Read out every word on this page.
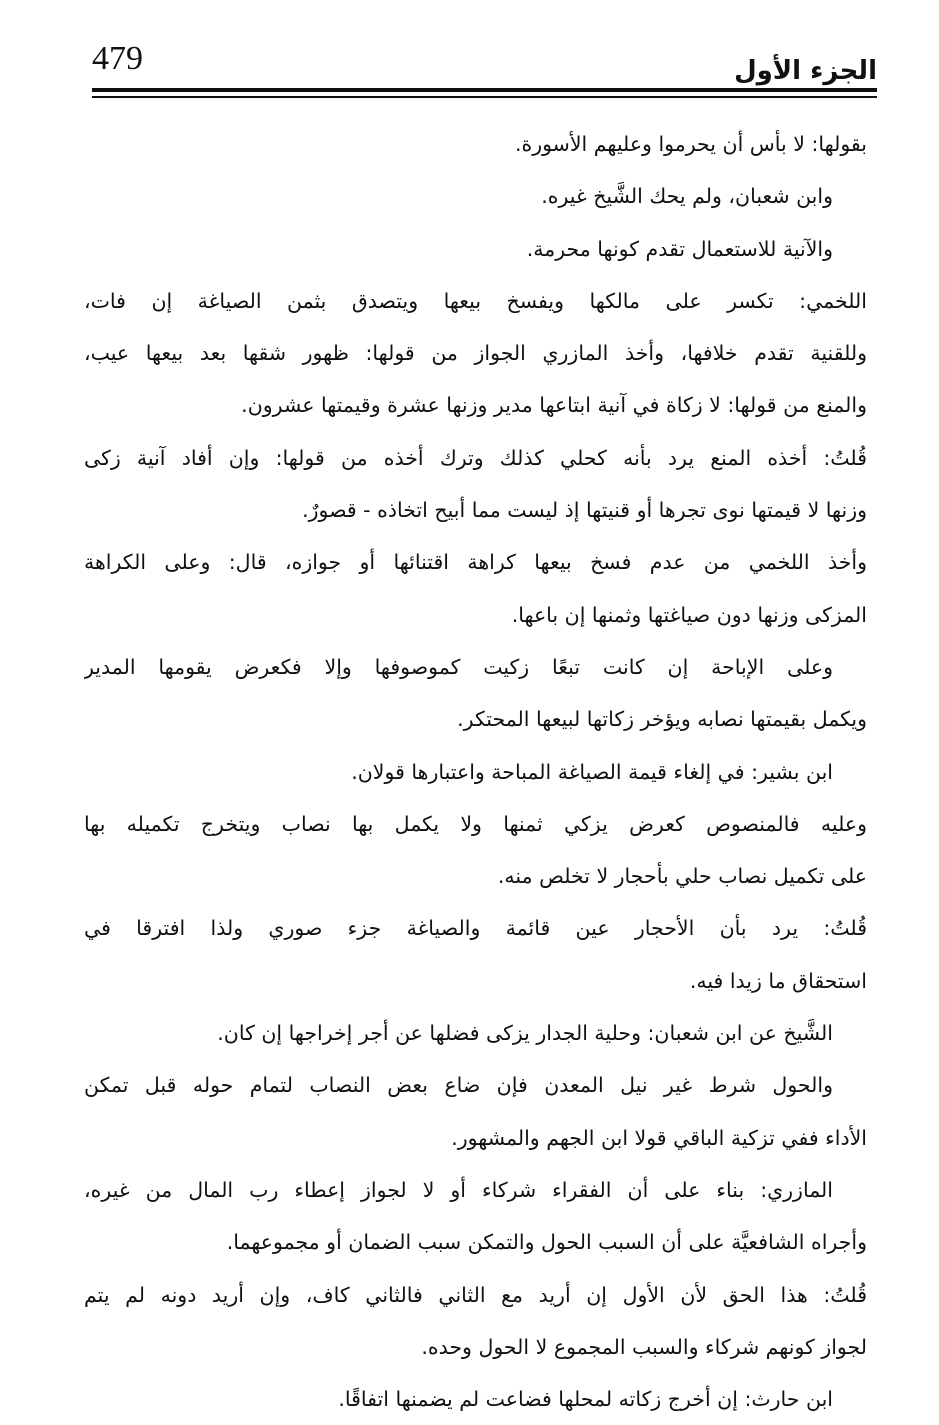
479	الجزء الأول
بقولها: لا بأس أن يحرموا وعليهم الأسورة.
وابن شعبان، ولم يحك الشَّيخ غيره.
والآنية للاستعمال تقدم كونها محرمة.
اللخمي: تكسر على مالكها ويفسخ بيعها ويتصدق بثمن الصياغة إن فات،
وللقنية تقدم خلافها، وأخذ المازري الجواز من قولها: ظهور شقها بعد بيعها عيب،
والمنع من قولها: لا زكاة في آنية ابتاعها مدير وزنها عشرة وقيمتها عشرون.
قُلتُ: أخذه المنع يرد بأنه كحلي كذلك وترك أخذه من قولها: وإن أفاد آنية زكى
وزنها لا قيمتها نوى تجرها أو قنيتها إذ ليست مما أبيح اتخاذه - قصورٌ.
وأخذ اللخمي من عدم فسخ بيعها كراهة اقتنائها أو جوازه، قال: وعلى الكراهة
المزكى وزنها دون صياغتها وثمنها إن باعها.
وعلى الإباحة إن كانت تبعًا زكيت كموصوفها وإلا فكعرض يقومها المدير
ويكمل بقيمتها نصابه ويؤخر زكاتها لبيعها المحتكر.
ابن بشير: في إلغاء قيمة الصياغة المباحة واعتبارها قولان.
وعليه فالمنصوص كعرض يزكي ثمنها ولا يكمل بها نصاب ويتخرج تكميله بها
على تكميل نصاب حلي بأحجار لا تخلص منه.
قُلتُ: يرد بأن الأحجار عين قائمة والصياغة جزء صوري ولذا افترقا في
استحقاق ما زيدا فيه.
الشَّيخ عن ابن شعبان: وحلية الجدار يزكى فضلها عن أجر إخراجها إن كان.
والحول شرط غير نيل المعدن فإن ضاع بعض النصاب لتمام حوله قبل تمكن
الأداء ففي تزكية الباقي قولا ابن الجهم والمشهور.
المازري: بناء على أن الفقراء شركاء أو لا لجواز إعطاء رب المال من غيره،
وأجراه الشافعيَّة على أن السبب الحول والتمكن سبب الضمان أو مجموعهما.
قُلتُ: هذا الحق لأن الأول إن أريد مع الثاني فالثاني كاف، وإن أريد دونه لم يتم
لجواز كونهم شركاء والسبب المجموع لا الحول وحده.
ابن حارث: إن أخرج زكاته لمحلها فضاعت لم يضمنها اتفاقًا.
